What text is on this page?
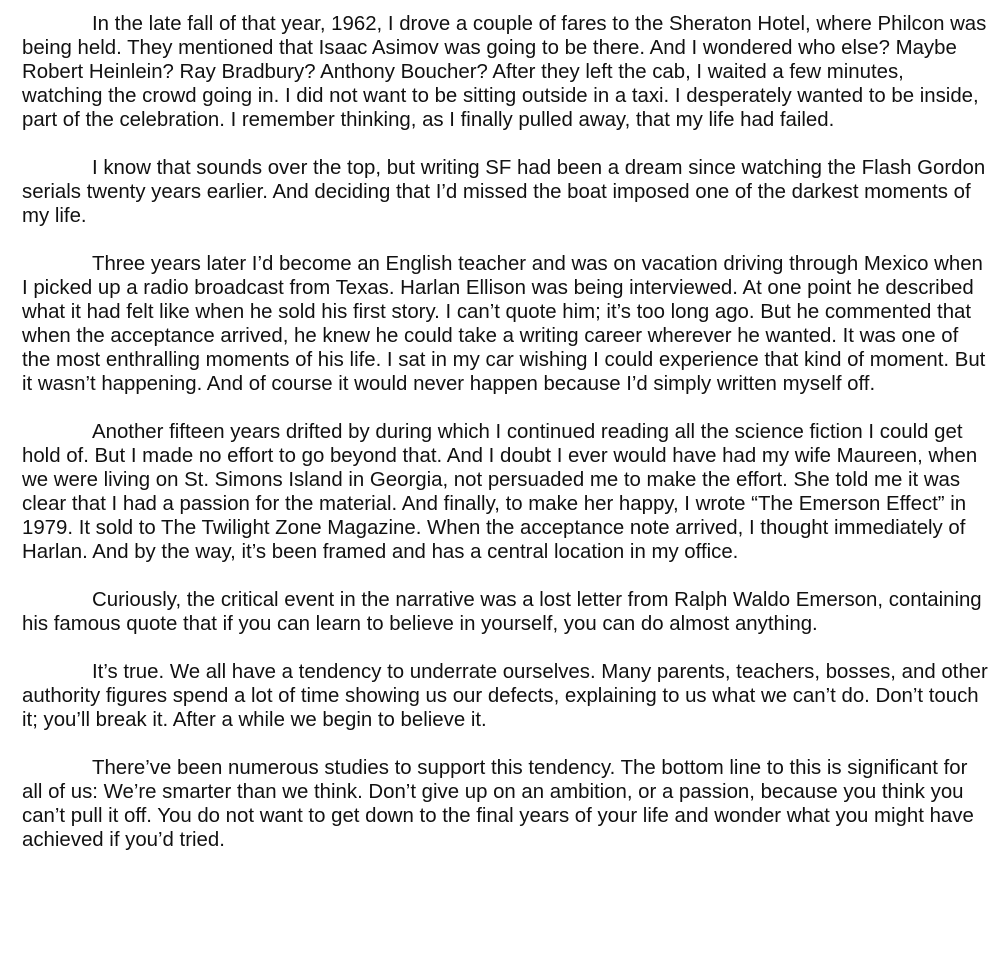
In the late fall of that year, 1962, I drove a couple of fares to the Sheraton Hotel, where Philcon was being held. They mentioned that Isaac Asimov was going to be there. And I wondered who else? Maybe Robert Heinlein? Ray Bradbury? Anthony Boucher? After they left the cab, I waited a few minutes, watching the crowd going in. I did not want to be sitting outside in a taxi. I desperately wanted to be inside, part of the celebration. I remember thinking, as I finally pulled away, that my life had failed.

I know that sounds over the top, but writing SF had been a dream since watching the Flash Gordon serials twenty years earlier. And deciding that I’d missed the boat imposed one of the darkest moments of my life.

Three years later I’d become an English teacher and was on vacation driving through Mexico when I picked up a radio broadcast from Texas. Harlan Ellison was being interviewed. At one point he described what it had felt like when he sold his first story. I can’t quote him; it’s too long ago. But he commented that when the acceptance arrived, he knew he could take a writing career wherever he wanted. It was one of the most enthralling moments of his life. I sat in my car wishing I could experience that kind of moment. But it wasn’t happening. And of course it would never happen because I’d simply written myself off.

Another fifteen years drifted by during which I continued reading all the science fiction I could get hold of. But I made no effort to go beyond that. And I doubt I ever would have had my wife Maureen, when we were living on St. Simons Island in Georgia, not persuaded me to make the effort. She told me it was clear that I had a passion for the material. And finally, to make her happy, I wrote “The Emerson Effect” in 1979. It sold to The Twilight Zone Magazine. When the acceptance note arrived, I thought immediately of Harlan. And by the way, it’s been framed and has a central location in my office.

Curiously, the critical event in the narrative was a lost letter from Ralph Waldo Emerson, containing his famous quote that if you can learn to believe in yourself, you can do almost anything.

It’s true. We all have a tendency to underrate ourselves. Many parents, teachers, bosses, and other authority figures spend a lot of time showing us our defects, explaining to us what we can’t do. Don’t touch it; you’ll break it. After a while we begin to believe it.

There’ve been numerous studies to support this tendency. The bottom line to this is significant for all of us: We’re smarter than we think. Don’t give up on an ambition, or a passion, because you think you can’t pull it off. You do not want to get down to the final years of your life and wonder what you might have achieved if you’d tried.
